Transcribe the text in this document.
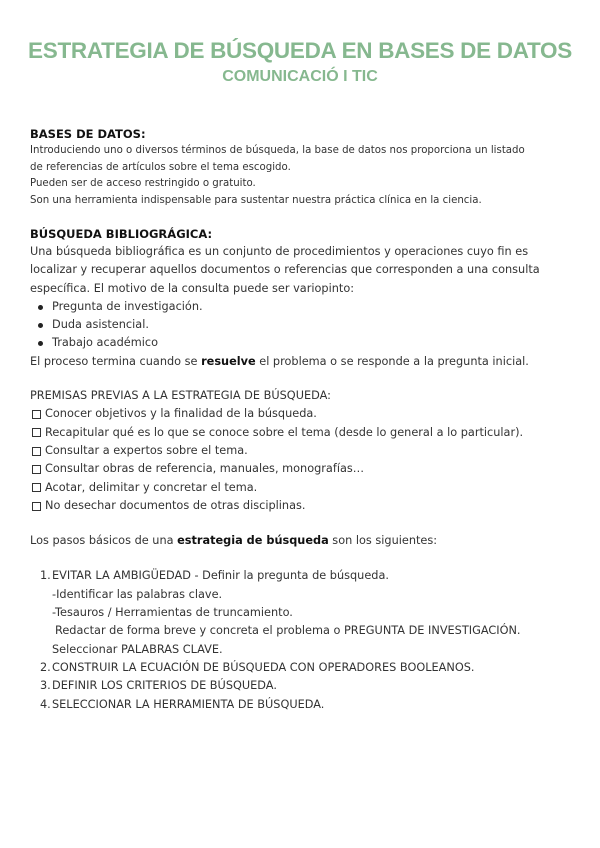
ESTRATEGIA DE BÚSQUEDA EN BASES DE DATOS
COMUNICACIÓ I TIC

BASES DE DATOS:

Introduciendo uno o diversos términos de búsqueda, la base de datos nos proporciona un listado

de referencias de artículos sobre el tema escogido.

Pueden ser de acceso restringido o gratuito.

Son una herramienta indispensable para sustentar nuestra práctica clínica en la ciencia.

BÚSQUEDA BIBLIOGRÁGICA:

Una búsqueda bibliográfica es un conjunto de procedimientos y operaciones cuyo fin es

localizar y recuperar aquellos documentos o referencias que corresponden a una consulta

específica. El motivo de la consulta puede ser variopinto:

Pregunta de investigación.
Duda asistencial.
Trabajo académico

El proceso termina cuando se resuelve el problema o se responde a la pregunta inicial.

PREMISAS PREVIAS A LA ESTRATEGIA DE BÚSQUEDA:

Conocer objetivos y la finalidad de la búsqueda.
Recapitular qué es lo que se conoce sobre el tema (desde lo general a lo particular).
Consultar a expertos sobre el tema.
Consultar obras de referencia, manuales, monografías…
Acotar, delimitar y concretar el tema.
No desechar documentos de otras disciplinas.

Los pasos básicos de una estrategia de búsqueda son los siguientes:

1. EVITAR LA AMBIGÜEDAD - Definir la pregunta de búsqueda.
-Identificar las palabras clave.
-Tesauros / Herramientas de truncamiento.
Redactar de forma breve y concreta el problema o PREGUNTA DE INVESTIGACIÓN.
Seleccionar PALABRAS CLAVE.
2. CONSTRUIR LA ECUACIÓN DE BÚSQUEDA CON OPERADORES BOOLEANOS.
3. DEFINIR LOS CRITERIOS DE BÚSQUEDA.
4. SELECCIONAR LA HERRAMIENTA DE BÚSQUEDA.
